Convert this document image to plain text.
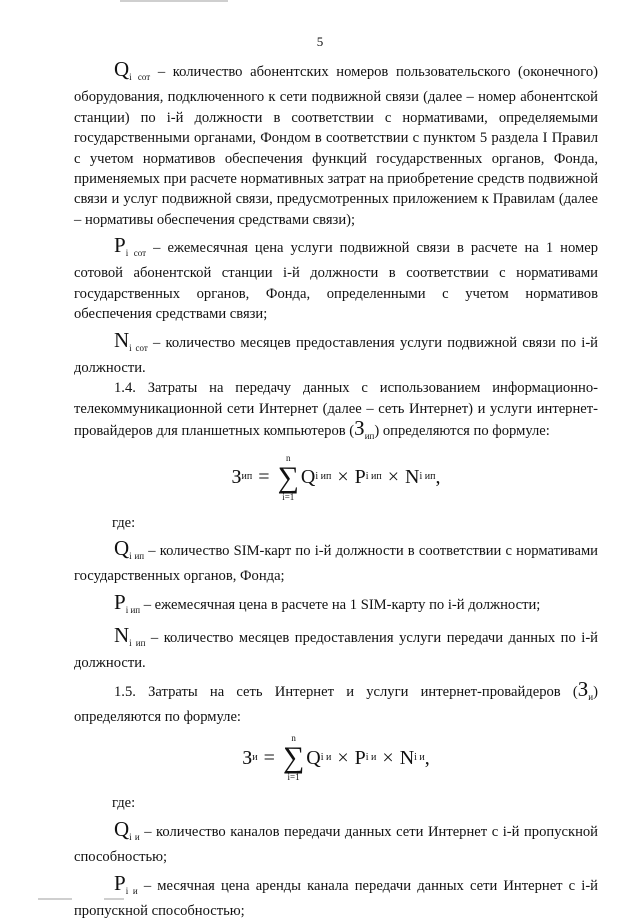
5

$Q_{i сот}$ – количество абонентских номеров пользовательского (оконечного) оборудования, подключенного к сети подвижной связи (далее – номер абонентской станции) по i-й должности в соответствии с нормативами, определяемыми государственными органами, Фондом в соответствии с пунктом 5 раздела I Правил с учетом нормативов обеспечения функций государственных органов, Фонда, применяемых при расчете нормативных затрат на приобретение средств подвижной связи и услуг подвижной связи, предусмотренных приложением к Правилам (далее – нормативы обеспечения средствами связи);

$P_{i сот}$ – ежемесячная цена услуги подвижной связи в расчете на 1 номер сотовой абонентской станции i-й должности в соответствии с нормативами государственных органов, Фонда, определенными с учетом нормативов обеспечения средствами связи;

$N_{i сот}$ – количество месяцев предоставления услуги подвижной связи по i-й должности.

1.4. Затраты на передачу данных с использованием информационно-телекоммуникационной сети Интернет (далее – сеть Интернет) и услуги интернет-провайдеров для планшетных компьютеров $(З_{ип})$ определяются по формуле:

З ип =
n
∑
i=1
Q i ип × P i ип × N i ип ,

где:

$Q_{i ип}$ – количество SIM-карт по i-й должности в соответствии с нормативами государственных органов, Фонда;

$P_{i ип}$ – ежемесячная цена в расчете на 1 SIM-карту по i-й должности;

$N_{i ип}$ – количество месяцев предоставления услуги передачи данных по i-й должности.

1.5. Затраты на сеть Интернет и услуги интернет-провайдеров $(З_и)$ определяются по формуле:

З и =
n
∑
i=1
Q i и × P i и × N i и ,

где:

$Q_{i и}$ – количество каналов передачи данных сети Интернет с i-й пропускной способностью;

$P_{i и}$ – месячная цена аренды канала передачи данных сети Интернет с i-й пропускной способностью;
